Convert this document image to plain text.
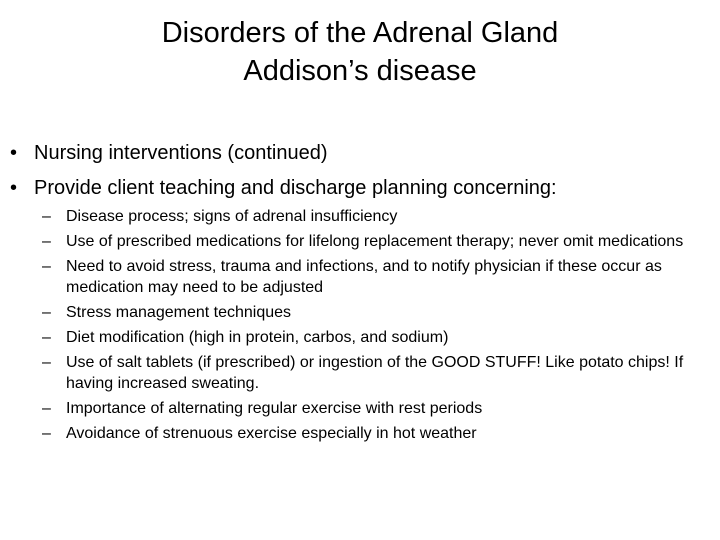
Disorders of the Adrenal Gland
Addison’s disease
• Nursing interventions (continued)
• Provide client teaching and discharge planning concerning:
– Disease process; signs of adrenal insufficiency
– Use of prescribed medications for lifelong replacement therapy; never omit medications
– Need to avoid stress, trauma and infections, and to notify physician if these occur as medication may need to be adjusted
– Stress management techniques
– Diet modification (high in protein, carbos, and sodium)
– Use of salt tablets (if prescribed) or ingestion of the GOOD STUFF! Like potato chips! If having increased sweating.
– Importance of alternating regular exercise with rest periods
– Avoidance of strenuous exercise especially in hot weather
